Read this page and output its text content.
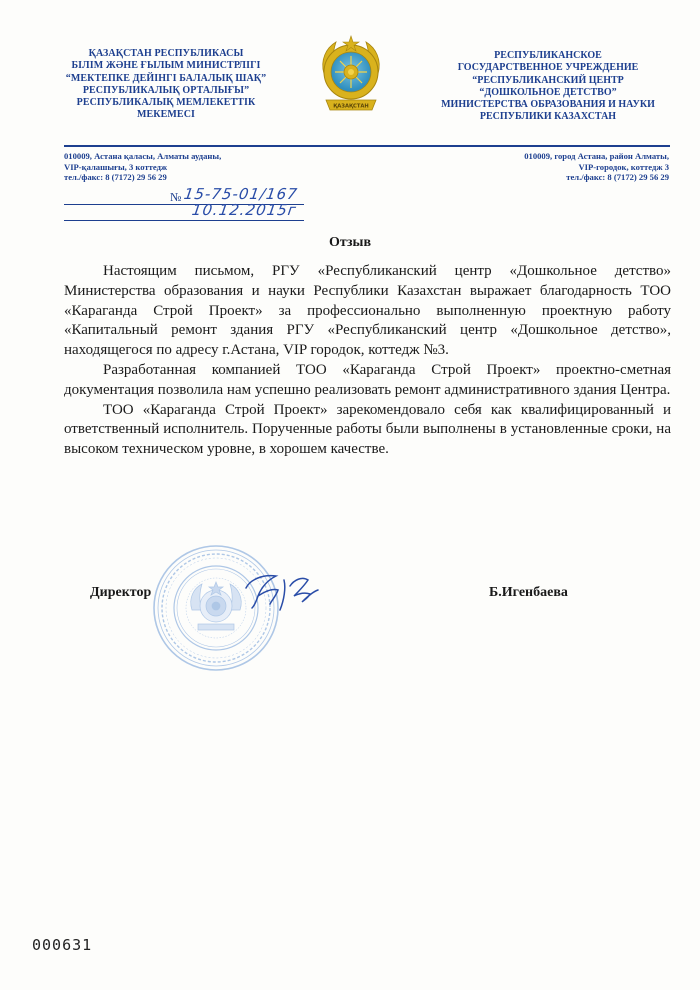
ҚАЗАҚСТАН РЕСПУБЛИКАСЫ
БІЛІМ ЖӘНЕ ҒЫЛЫМ МИНИСТРЛІГІ
“МЕКТЕПКЕ ДЕЙІНГІ БАЛАЛЫҚ ШАҚ”
РЕСПУБЛИКАЛЫҚ ОРТАЛЫҒЫ”
РЕСПУБЛИКАЛЫҚ МЕМЛЕКЕТТІК
МЕКЕМЕСІ
ҚАЗАҚСТАН
РЕСПУБЛИКАНСКОЕ
ГОСУДАРСТВЕННОЕ УЧРЕЖДЕНИЕ
“РЕСПУБЛИКАНСКИЙ ЦЕНТР
“ДОШКОЛЬНОЕ ДЕТСТВО”
МИНИСТЕРСТВА ОБРАЗОВАНИЯ И НАУКИ
РЕСПУБЛИКИ КАЗАХСТАН
010009, Астана қаласы, Алматы ауданы,
VIP-қалашығы, 3 коттедж
тел./факс: 8 (7172) 29 56 29
010009, город Астана, район Алматы,
VIP-городок, коттедж 3
тел./факс: 8 (7172) 29 56 29
№ 15-75-01/167
10.12.2015г
Отзыв

Настоящим письмом, РГУ «Республиканский центр «Дошкольное детство» Министерства образования и науки Республики Казахстан выражает благодарность ТОО «Караганда Строй Проект» за профессионально выполненную проектную работу «Капитальный ремонт здания РГУ «Республиканский центр «Дошкольное детство», находящегося по адресу г.Астана, VIP городок, коттедж №3.

Разработанная компанией ТОО «Караганда Строй Проект» проектно-сметная документация позволила нам успешно реализовать ремонт административного здания Центра.

ТОО «Караганда Строй Проект» зарекомендовало себя как квалифицированный и ответственный исполнитель. Порученные работы были выполнены в установленные сроки, на высоком техническом уровне, в хорошем качестве.

Директор	Б.Игенбаева
000631
